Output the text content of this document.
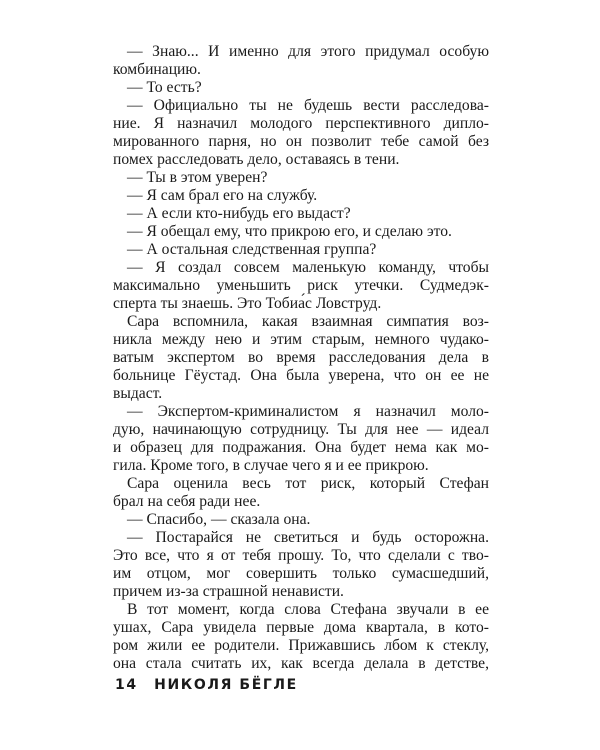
— Знаю... И именно для этого придумал особую
комбинацию.
— То есть?
— Официально ты не будешь вести расследова-
ние. Я назначил молодого перспективного дипло-
мированного парня, но он позволит тебе самой без
помех расследовать дело, оставаясь в тени.
— Ты в этом уверен?
— Я сам брал его на службу.
— А если кто-нибудь его выдаст?
— Я обещал ему, что прикрою его, и сделаю это.
— А остальная следственная группа?
— Я создал совсем маленькую команду, чтобы
максимально уменьшить риск утечки. Судмедэк-
сперта ты знаешь. Это Тобиа́с Ловструд.
Сара вспомнила, какая взаимная симпатия воз-
никла между нею и этим старым, немного чудако-
ватым экспертом во время расследования дела в
больнице Гёустад. Она была уверена, что он ее не
выдаст.
— Экспертом-криминалистом я назначил моло-
дую, начинающую сотрудницу. Ты для нее — идеал
и образец для подражания. Она будет нема как мо-
гила. Кроме того, в случае чего я и ее прикрою.
Сара оценила весь тот риск, который Стефан
брал на себя ради нее.
— Спасибо, — сказала она.
— Постарайся не светиться и будь осторожна.
Это все, что я от тебя прошу. То, что сделали с тво-
им отцом, мог совершить только сумасшедший,
причем из-за страшной ненависти.
В тот момент, когда слова Стефана звучали в ее
ушах, Сара увидела первые дома квартала, в кото-
ром жили ее родители. Прижавшись лбом к стеклу,
она стала считать их, как всегда делала в детстве,
14 НИКОЛЯ БЁГЛЕ
